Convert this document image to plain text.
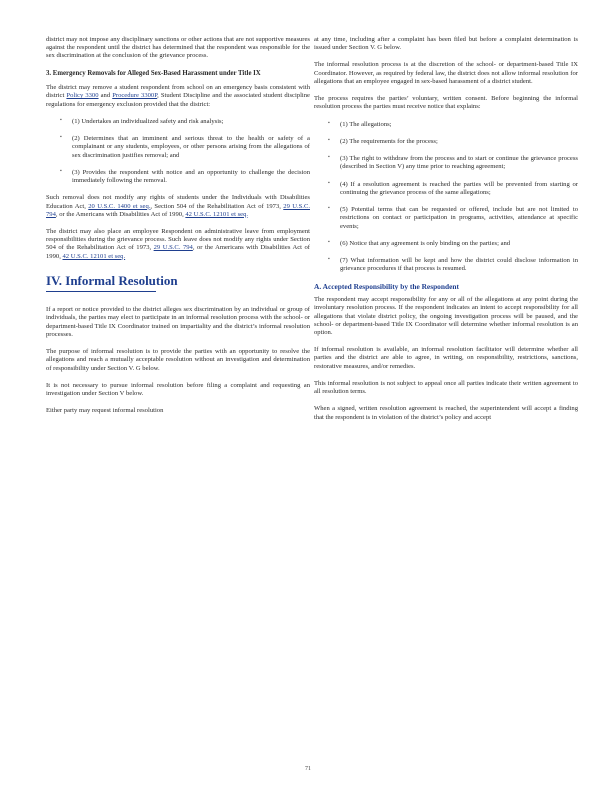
district may not impose any disciplinary sanctions or other actions that are not supportive measures against the respondent until the district has determined that the respondent was responsible for the sex discrimination at the conclusion of the grievance process.

3. Emergency Removals for Alleged Sex-Based Harassment under Title IX

The district may remove a student respondent from school on an emergency basis consistent with district Policy 3300 and Procedure 3300P, Student Discipline and the associated student discipline regulations for emergency exclusion provided that the district:

▪ (1) Undertakes an individualized safety and risk analysis;
▪ (2) Determines that an imminent and serious threat to the health or safety of a complainant or any students, employees, or other persons arising from the allegations of sex discrimination justifies removal; and
▪ (3) Provides the respondent with notice and an opportunity to challenge the decision immediately following the removal.

Such removal does not modify any rights of students under the Individuals with Disabilities Education Act, 20 U.S.C. 1400 et seq., Section 504 of the Rehabilitation Act of 1973, 29 U.S.C. 794, or the Americans with Disabilities Act of 1990, 42 U.S.C. 12101 et seq.

The district may also place an employee Respondent on administrative leave from employment responsibilities during the grievance process. Such leave does not modify any rights under Section 504 of the Rehabilitation Act of 1973, 29 U.S.C. 794, or the Americans with Disabilities Act of 1990, 42 U.S.C. 12101 et seq.

IV. Informal Resolution

If a report or notice provided to the district alleges sex discrimination by an individual or group of individuals, the parties may elect to participate in an informal resolution process with the school- or department-based Title IX Coordinator trained on impartiality and the district’s informal resolution processes.

The purpose of informal resolution is to provide the parties with an opportunity to resolve the allegations and reach a mutually acceptable resolution without an investigation and determination of responsibility under Section V. G below.

It is not necessary to pursue informal resolution before filing a complaint and requesting an investigation under Section V below.

Either party may request informal resolution

at any time, including after a complaint has been filed but before a complaint determination is issued under Section V. G below.

The informal resolution process is at the discretion of the school- or department-based Title IX Coordinator. However, as required by federal law, the district does not allow informal resolution for allegations that an employee engaged in sex-based harassment of a district student.

The process requires the parties’ voluntary, written consent. Before beginning the informal resolution process the parties must receive notice that explains:

▪ (1) The allegations;
▪ (2) The requirements for the process;
▪ (3) The right to withdraw from the process and to start or continue the grievance process (described in Section V) any time prior to reaching agreement;
▪ (4) If a resolution agreement is reached the parties will be prevented from starting or continuing the grievance process of the same allegations;
▪ (5) Potential terms that can be requested or offered, include but are not limited to restrictions on contact or participation in programs, activities, attendance at specific events;
▪ (6) Notice that any agreement is only binding on the parties; and
▪ (7) What information will be kept and how the district could disclose information in grievance procedures if that process is resumed.
A. Accepted Responsibility by the Respondent

The respondent may accept responsibility for any or all of the allegations at any point during the involuntary resolution process. If the respondent indicates an intent to accept responsibility for all allegations that violate district policy, the ongoing investigation process will be paused, and the school- or department-based Title IX Coordinator will determine whether informal resolution is an option.

If informal resolution is available, an informal resolution facilitator will determine whether all parties and the district are able to agree, in writing, on responsibility, restrictions, sanctions, restorative measures, and/or remedies.

This informal resolution is not subject to appeal once all parties indicate their written agreement to all resolution terms.

When a signed, written resolution agreement is reached, the superintendent will accept a finding that the respondent is in violation of the district’s policy and accept

71
